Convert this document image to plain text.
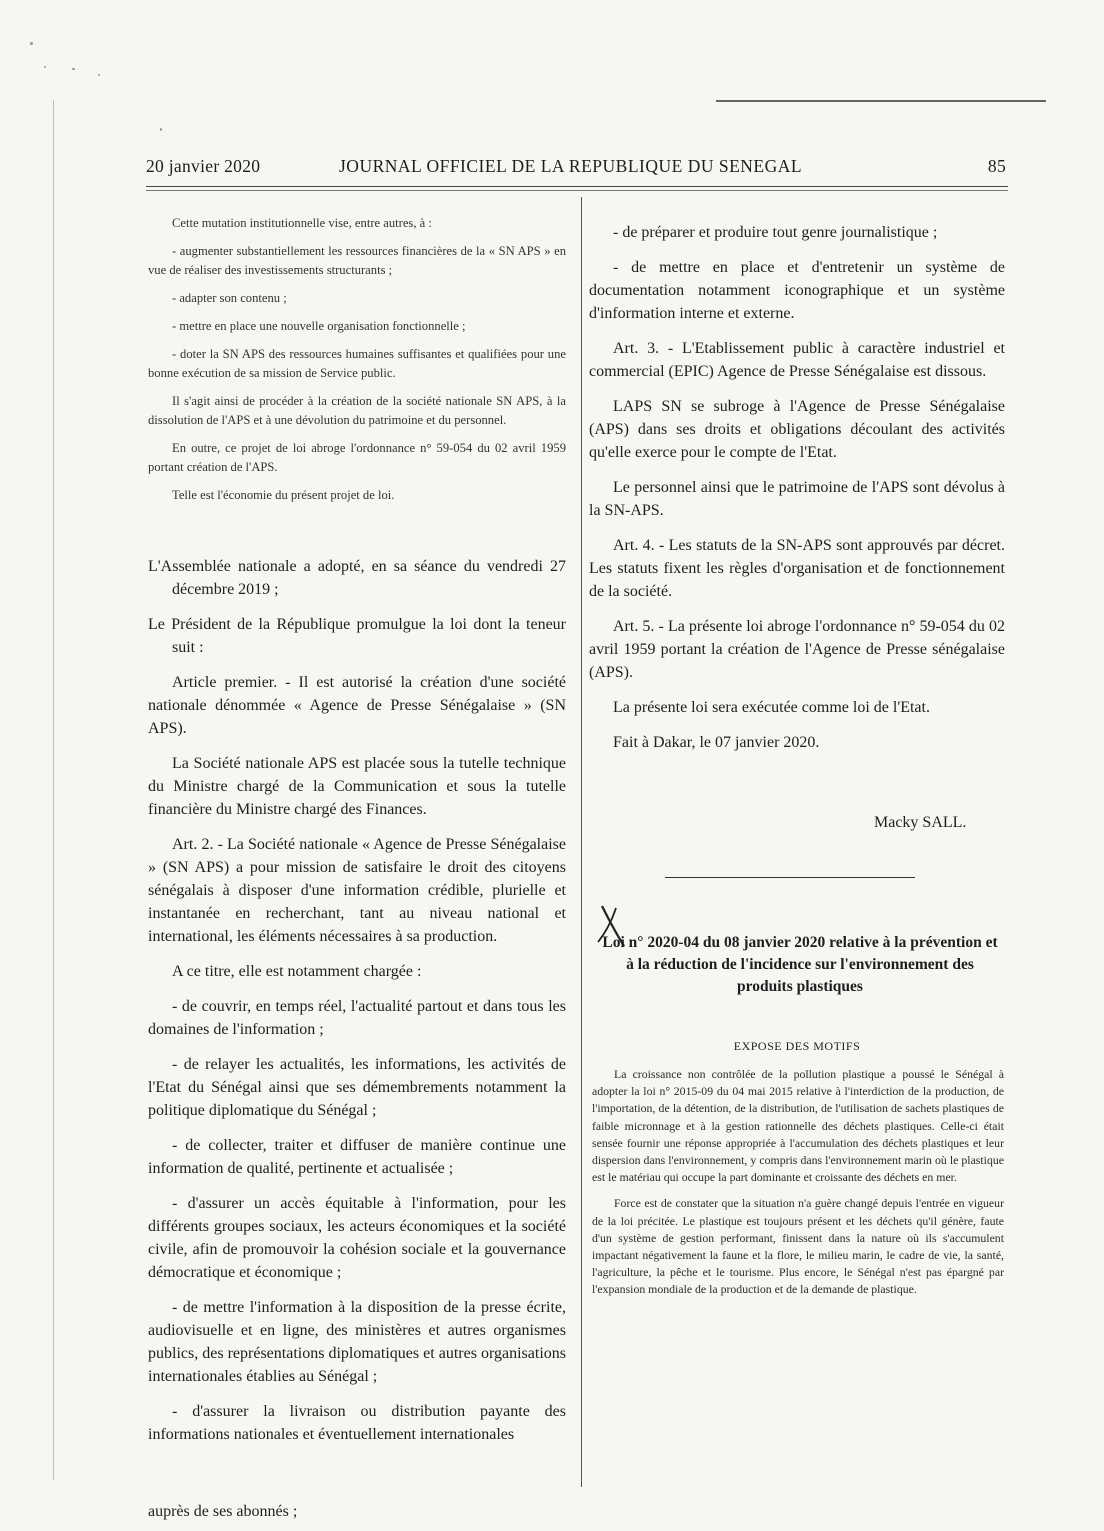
20 janvier 2020	JOURNAL OFFICIEL DE LA REPUBLIQUE DU SENEGAL	85

Cette mutation institutionnelle vise, entre autres, à :

- augmenter substantiellement les ressources financières de la « SN APS » en vue de réaliser des investissements structurants ;

- adapter son contenu ;

- mettre en place une nouvelle organisation fonctionnelle ;

- doter la SN APS des ressources humaines suffisantes et qualifiées pour une bonne exécution de sa mission de Service public.

Il s'agit ainsi de procéder à la création de la société nationale SN APS, à la dissolution de l'APS et à une dévolution du patrimoine et du personnel.

En outre, ce projet de loi abroge l'ordonnance n° 59-054 du 02 avril 1959 portant création de l'APS.

Telle est l'économie du présent projet de loi.

L'Assemblée nationale a adopté, en sa séance du vendredi 27 décembre 2019 ;

Le Président de la République promulgue la loi dont la teneur suit :

Article premier. - Il est autorisé la création d'une société nationale dénommée « Agence de Presse Sénégalaise » (SN APS).

La Société nationale APS est placée sous la tutelle technique du Ministre chargé de la Communication et sous la tutelle financière du Ministre chargé des Finances.

Art. 2. - La Société nationale « Agence de Presse Sénégalaise » (SN APS) a pour mission de satisfaire le droit des citoyens sénégalais à disposer d'une information crédible, plurielle et instantanée en recherchant, tant au niveau national et international, les éléments nécessaires à sa production.

A ce titre, elle est notamment chargée :

- de couvrir, en temps réel, l'actualité partout et dans tous les domaines de l'information ;

- de relayer les actualités, les informations, les activités de l'Etat du Sénégal ainsi que ses démembrements notamment la politique diplomatique du Sénégal ;

- de collecter, traiter et diffuser de manière continue une information de qualité, pertinente et actualisée ;

- d'assurer un accès équitable à l'information, pour les différents groupes sociaux, les acteurs économiques et la société civile, afin de promouvoir la cohésion sociale et la gouvernance démocratique et économique ;

- de mettre l'information à la disposition de la presse écrite, audiovisuelle et en ligne, des ministères et autres organismes publics, des représentations diplomatiques et autres organisations internationales établies au Sénégal ;

- d'assurer la livraison ou distribution payante des informations nationales et éventuellement internationales

auprès de ses abonnés ;

- de préparer et produire tout genre journalistique ;

- de mettre en place et d'entretenir un système de documentation notamment iconographique et un système d'information interne et externe.

Art. 3. - L'Etablissement public à caractère industriel et commercial (EPIC) Agence de Presse Sénégalaise est dissous.

LAPS SN se subroge à l'Agence de Presse Sénégalaise (APS) dans ses droits et obligations découlant des activités qu'elle exerce pour le compte de l'Etat.

Le personnel ainsi que le patrimoine de l'APS sont dévolus à la SN-APS.

Art. 4. - Les statuts de la SN-APS sont approuvés par décret. Les statuts fixent les règles d'organisation et de fonctionnement de la société.

Art. 5. - La présente loi abroge l'ordonnance n° 59-054 du 02 avril 1959 portant la création de l'Agence de Presse sénégalaise (APS).

La présente loi sera exécutée comme loi de l'Etat.

Fait à Dakar, le 07 janvier 2020.

Macky SALL.
Loi n° 2020-04 du 08 janvier 2020 relative à la prévention et à la réduction de l'incidence sur l'environnement des produits plastiques
EXPOSE DES MOTIFS

La croissance non contrôlée de la pollution plastique a poussé le Sénégal à adopter la loi n° 2015-09 du 04 mai 2015 relative à l'interdiction de la production, de l'importation, de la détention, de la distribution, de l'utilisation de sachets plastiques de faible micronnage et à la gestion rationnelle des déchets plastiques. Celle-ci était sensée fournir une réponse appropriée à l'accumulation des déchets plastiques et leur dispersion dans l'environnement, y compris dans l'environnement marin où le plastique est le matériau qui occupe la part dominante et croissante des déchets en mer.

Force est de constater que la situation n'a guère changé depuis l'entrée en vigueur de la loi précitée. Le plastique est toujours présent et les déchets qu'il génère, faute d'un système de gestion performant, finissent dans la nature où ils s'accumulent impactant négativement la faune et la flore, le milieu marin, le cadre de vie, la santé, l'agriculture, la pêche et le tourisme. Plus encore, le Sénégal n'est pas épargné par l'expansion mondiale de la production et de la demande de plastique.
